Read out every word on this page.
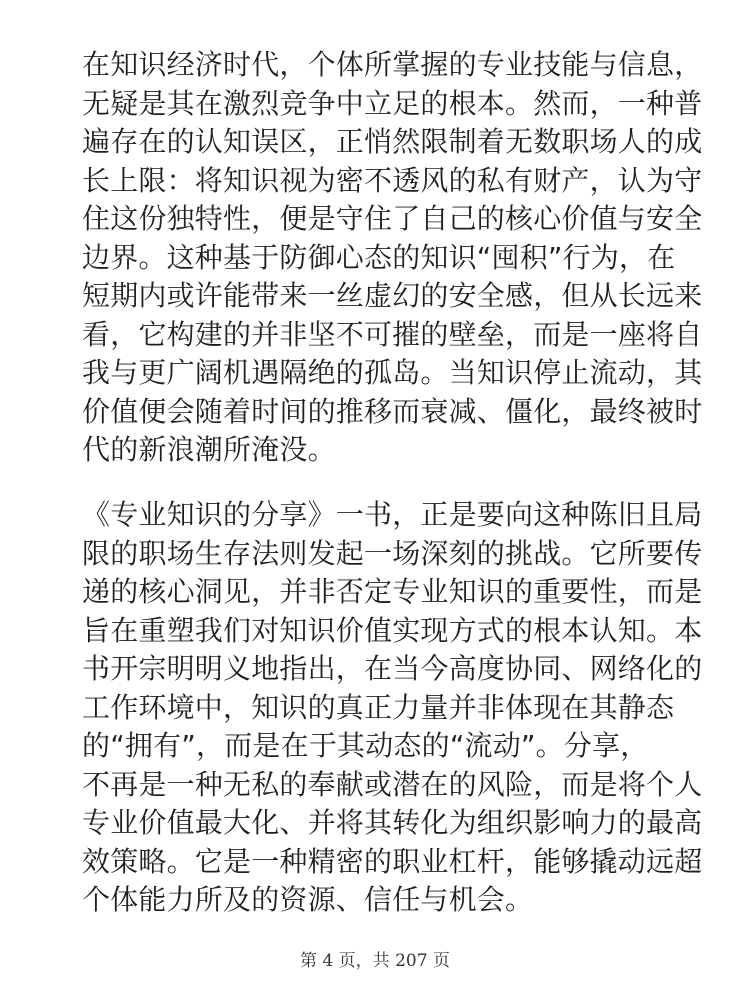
在知识经济时代，个体所掌握的专业技能与信息，
无疑是其在激烈竞争中立足的根本。然而，一种普
遍存在的认知误区，正悄然限制着无数职场人的成
长上限：将知识视为密不透风的私有财产，认为守
住这份独特性，便是守住了自己的核心价值与安全
边界。这种基于防御心态的知识“囤积”行为，在
短期内或许能带来一丝虚幻的安全感，但从长远来
看，它构建的并非坚不可摧的壁垒，而是一座将自
我与更广阔机遇隔绝的孤岛。当知识停止流动，其
价值便会随着时间的推移而衰减、僵化，最终被时
代的新浪潮所淹没。
《专业知识的分享》一书，正是要向这种陈旧且局
限的职场生存法则发起一场深刻的挑战。它所要传
递的核心洞见，并非否定专业知识的重要性，而是
旨在重塑我们对知识价值实现方式的根本认知。本
书开宗明明义地指出，在当今高度协同、网络化的
工作环境中，知识的真正力量并非体现在其静态
的“拥有”，而是在于其动态的“流动”。分享，
不再是一种无私的奉献或潜在的风险，而是将个人
专业价值最大化、并将其转化为组织影响力的最高
效策略。它是一种精密的职业杠杆，能够撬动远超
个体能力所及的资源、信任与机会。
第 4 页，共 207 页
